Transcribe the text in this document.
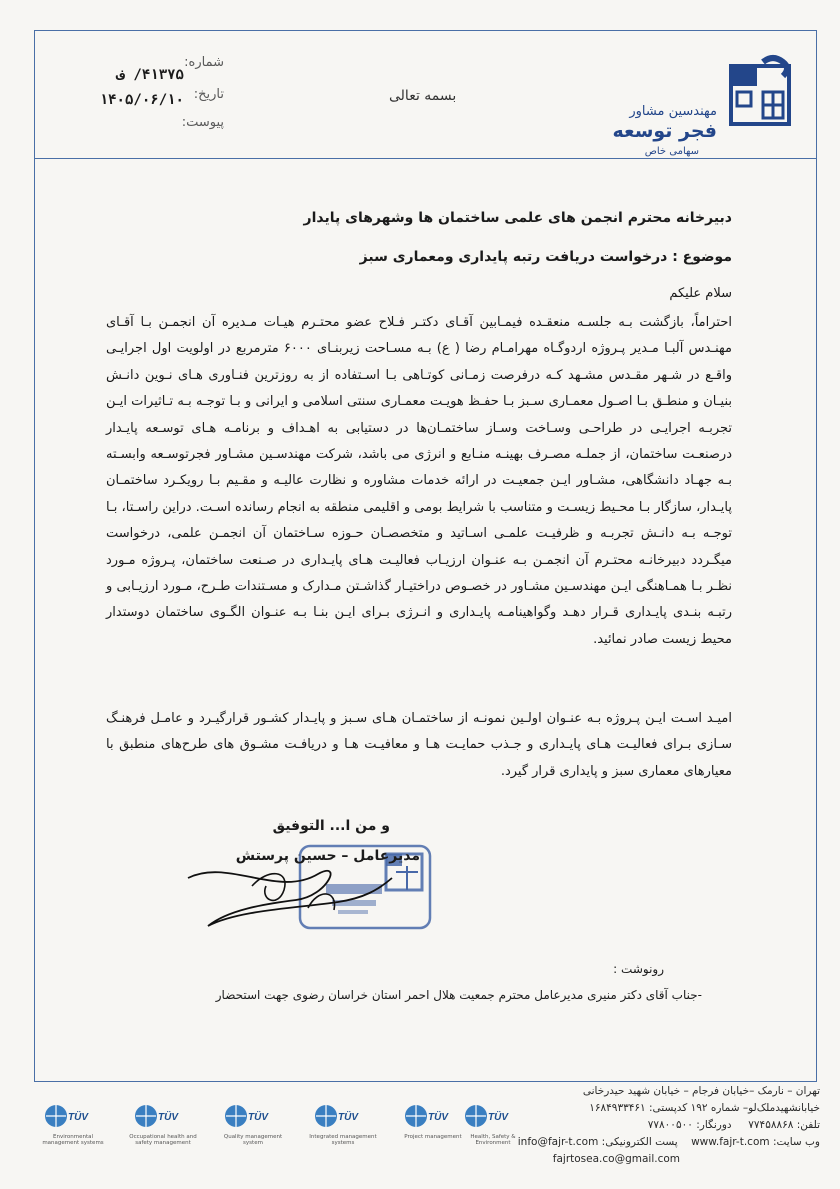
مهندسین مشاور
فجر توسعه
سهامی خاص
بسمه تعالی
شماره:
۴۱۳۷۵/ ف
تاریخ:
۱۴۰۵/۰۶/۱۰
پیوست:
دبیرخانه محترم انجمن های علمی ساختمان ها وشهرهای پایدار
موضوع : درخواست دریافت رتبه پایداری ومعماری سبز
سلام علیکم
احتراماً، بازگشت بـه جلسـه منعقـده فیمـابین آقـای دکتـر فـلاح عضو محتـرم هیـات مـدیره آن انجمـن بـا آقـای مهنـدس آلبـا مـدیر پـروژه اردوگـاه مهرامـام رضا ( ع) بـه مسـاحت زیربنـای ۶۰۰۰ مترمربع در اولویت اول اجرایـی واقـع در شـهر مقـدس مشـهد کـه درفرصت زمـانی کوتـاهی بـا اسـتفاده از به روزترین فنـاوری هـای نـوین دانـش بنیـان و منطـق بـا اصـول معمـاری سـبز بـا حفـظ هویـت معمـاری سنتی اسلامی و ایرانی و بـا توجـه بـه تـاثیرات ایـن تجربـه اجرایـی در طراحـی وسـاخت وسـاز ساختمـان‌ها در دستیابی به اهـداف و برنامـه هـای توسـعه پایـدار درصنعـت ساختمان، از جملـه مصـرف بهینـه منـابع و انرژی می باشد، شرکت مهندسـین مشـاور فجرتوسـعه وابسـته بـه جهـاد دانشگاهی، مشـاور ایـن جمعیـت در ارائه خدمات مشاوره و نظارت عالیـه و مقـیم بـا رویکـرد ساختمـان پایـدار، سازگار بـا محـیط زیسـت و متناسب با شرایط بومی و اقلیمی منطقه به انجام رسانده اسـت. دراین راسـتا، بـا توجـه بـه دانـش تجربـه و ظرفیـت علمـی اسـاتید و متخصصـان حـوزه سـاختمان آن انجمـن علمی، درخواست میگـردد دبیرخانـه محتـرم آن انجمـن بـه عنـوان ارزیـاب فعالیـت هـای پایـداری در صـنعت ساختمان، پـروژه مـورد نظـر بـا همـاهنگی ایـن مهندسـین مشـاور در خصـوص دراختیـار گذاشـتن مـدارک و مسـتندات طـرح، مـورد ارزیـابی و رتبـه بنـدی پایـداری قـرار دهـد وگواهینامـه پایـداری و انـرژی بـرای ایـن بنـا بـه عنـوان الگـوی ساختمان دوستدار محیط زیست صادر نمائید.
امیـد اسـت ایـن پـروژه بـه عنـوان اولـین نمونـه از ساختمـان هـای سـبز و پایـدار کشـور قرارگیـرد و عامـل فرهنـگ سـازی بـرای فعالیـت هـای پایـداری و جـذب حمایـت هـا و معافیـت هـا و دریافـت مشـوق های طرح‌های منطبق با معیارهای معماری سبز و پایداری قرار گیرد.
و من ا... التوفیق
مدیرعامل – حسین پرستش
رونوشت :
-جناب آقای دکتر منیری مدیرعامل محترم جمعیت هلال احمر استان خراسان رضوی جهت استحضار
تهران – نارمک –خیابان فرجام – خیابان شهید حیدرخانی
خیابانشهیدملک‌لو– شماره ۱۹۲ کدپستی: ۱۶۸۴۹۳۳۴۶۱
تلفن: ۷۷۴۵۸۸۶۸     دورنگار: ۷۷۸۰۰۵۰۰
وب سایت: www.fajr-t.com    پست الکترونیکی: info@fajr-t.com
fajrtosea.co@gmail.com
TÜV
Environmental management systems
TÜV
Occupational health and safety management
TÜV
Quality management system
TÜV
Integrated management systems
TÜV
Project management
TÜV
Health, Safety & Environment
